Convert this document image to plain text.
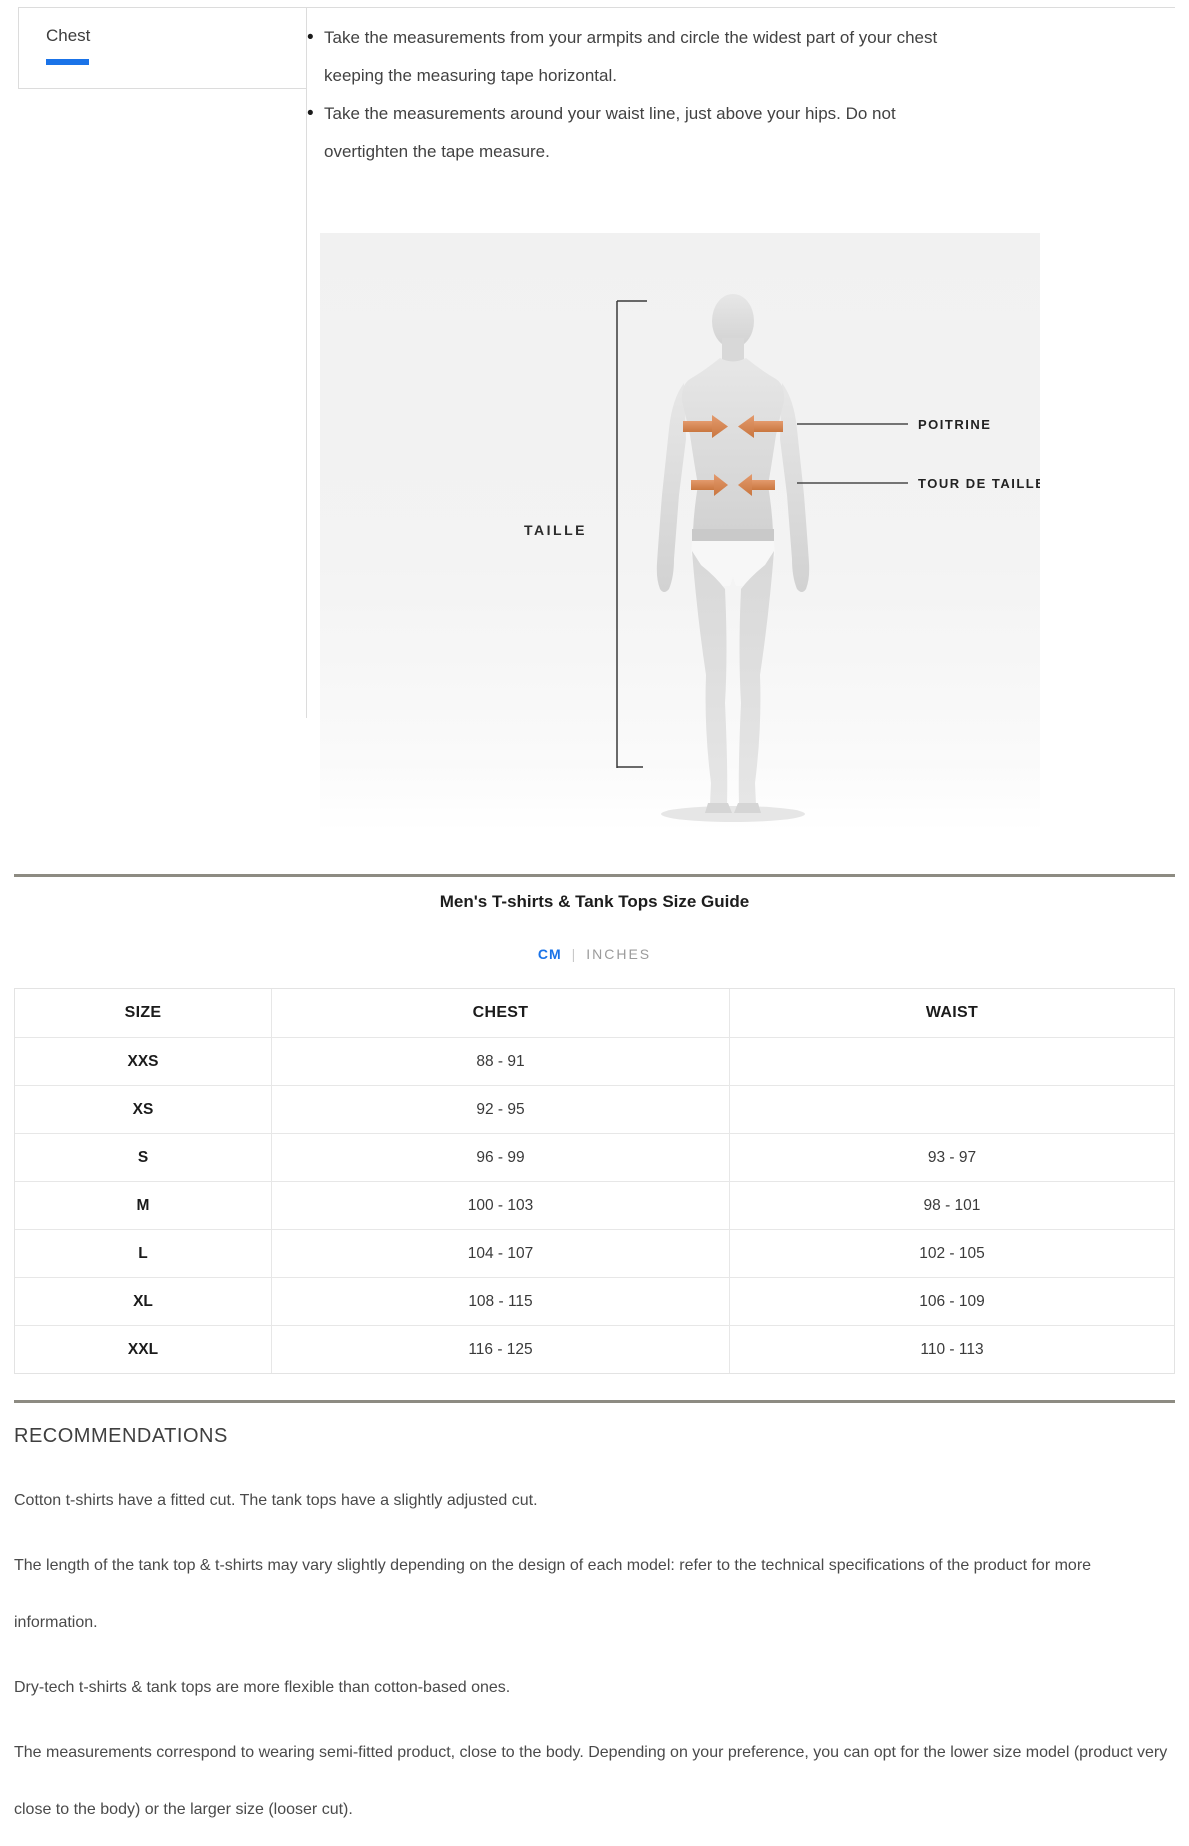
Chest	• Take the measurements from your armpits and circle the widest part of your chest keeping the measuring tape horizontal.
• Take the measurements around your waist line, just above your hips. Do not overtighten the tape measure.
TAILLE
POITRINE
TOUR DE TAILLE
Men's T-shirts & Tank Tops Size Guide
CM | INCHES
SIZE	CHEST	WAIST
XXS	88 - 91
XS	92 - 95
S	96 - 99	93 - 97
M	100 - 103	98 - 101
L	104 - 107	102 - 105
XL	108 - 115	106 - 109
XXL	116 - 125	110 - 113
RECOMMENDATIONS

Cotton t-shirts have a fitted cut. The tank tops have a slightly adjusted cut.

The length of the tank top & t-shirts may vary slightly depending on the design of each model: refer to the technical specifications of the product for more information.

Dry-tech t-shirts & tank tops are more flexible than cotton-based ones.

The measurements correspond to wearing semi-fitted product, close to the body. Depending on your preference, you can opt for the lower size model (product very close to the body) or the larger size (looser cut).
